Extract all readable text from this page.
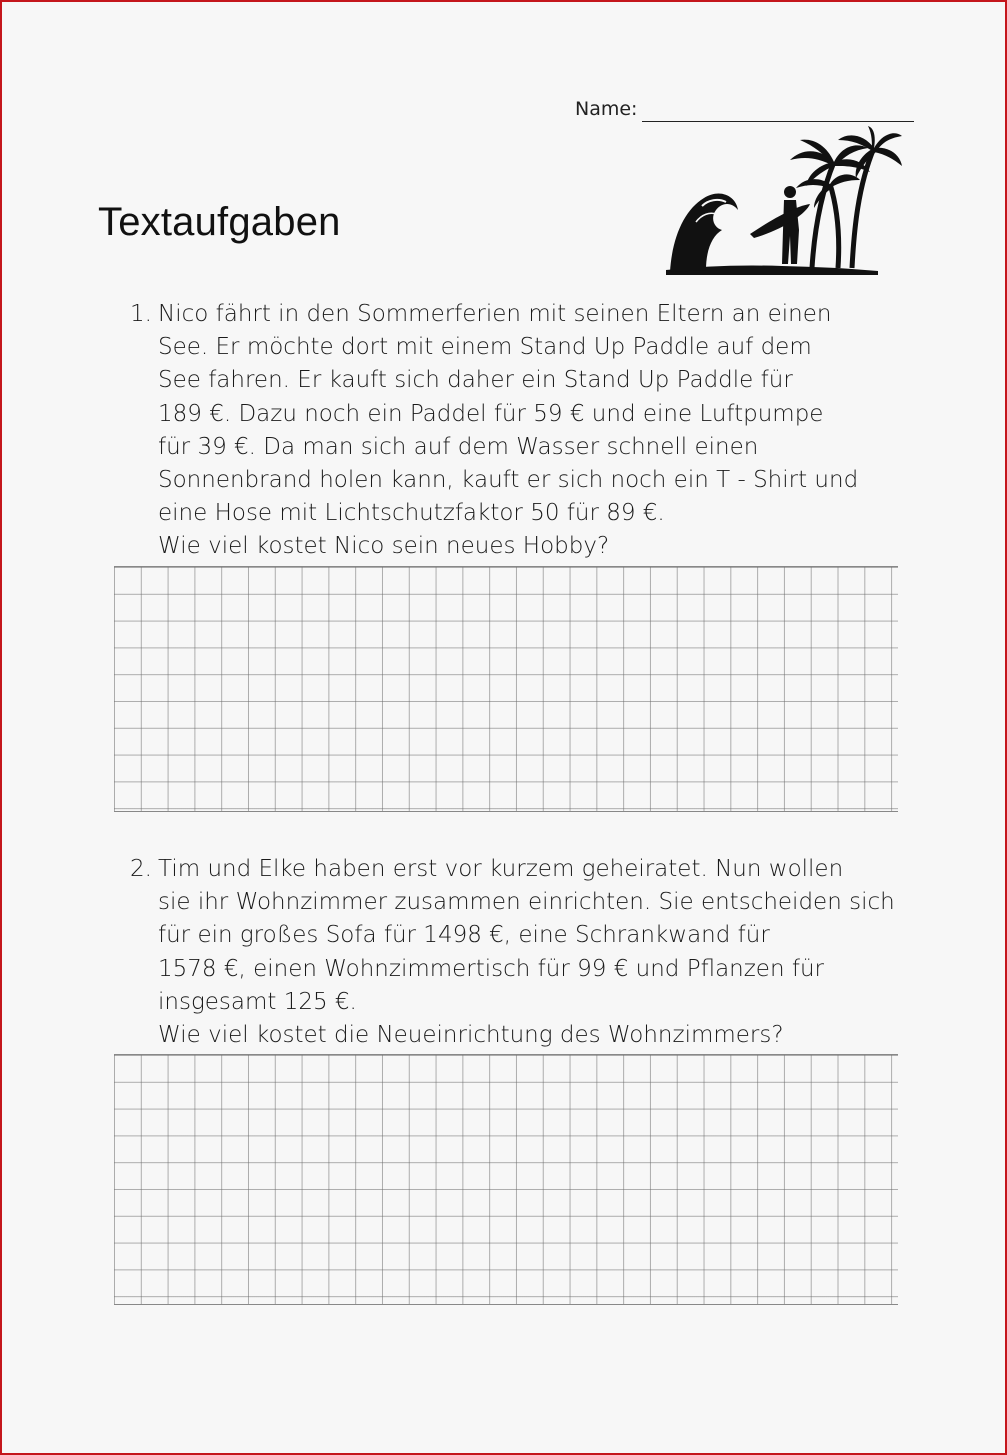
Name:
Textaufgaben
1. Nico fährt in den Sommerferien mit seinen Eltern an einen
See. Er möchte dort mit einem Stand Up Paddle auf dem
See fahren. Er kauft sich daher ein Stand Up Paddle für
189 €. Dazu noch ein Paddel für 59 € und eine Luftpumpe
für 39 €. Da man sich auf dem Wasser schnell einen
Sonnenbrand holen kann, kauft er sich noch ein T - Shirt und
eine Hose mit Lichtschutzfaktor 50 für 89 €.
Wie viel kostet Nico sein neues Hobby?
2. Tim und Elke haben erst vor kurzem geheiratet. Nun wollen
sie ihr Wohnzimmer zusammen einrichten. Sie entscheiden sich
für ein großes Sofa für 1498 €, eine Schrankwand für
1578 €, einen Wohnzimmertisch für 99 € und Pflanzen für
insgesamt 125 €.
Wie viel kostet die Neueinrichtung des Wohnzimmers?
